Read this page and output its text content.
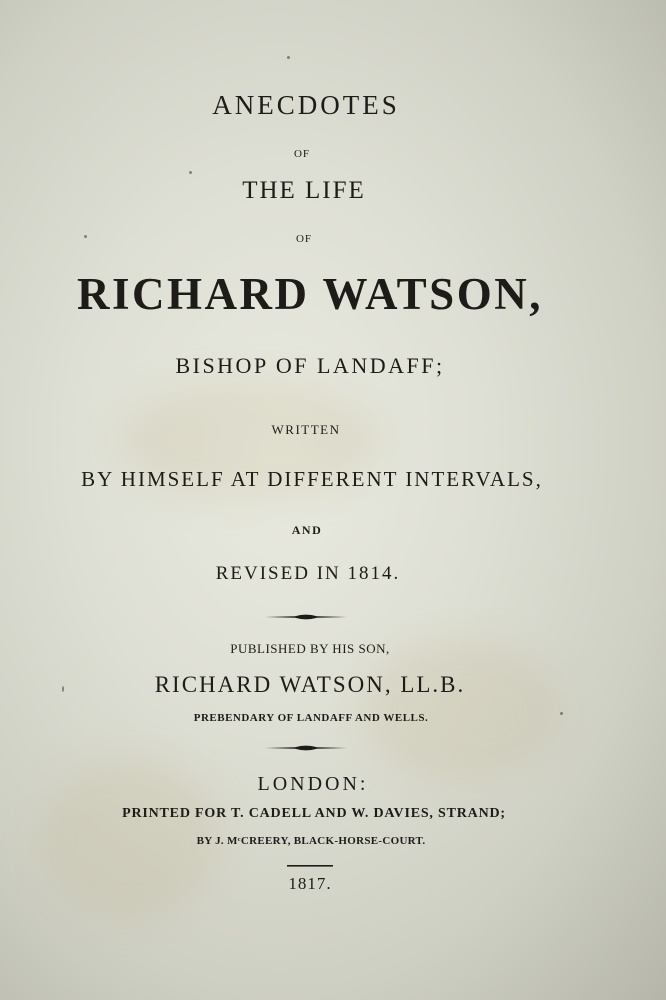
ANECDOTES
OF
THE LIFE
OF
RICHARD WATSON,
BISHOP OF LANDAFF;
WRITTEN
BY HIMSELF AT DIFFERENT INTERVALS,
AND
REVISED IN 1814.
PUBLISHED BY HIS SON,
RICHARD WATSON, LL.B.
PREBENDARY OF LANDAFF AND WELLS.
LONDON:
PRINTED FOR T. CADELL AND W. DAVIES, STRAND;
BY J. MᶜCREERY, BLACK-HORSE-COURT.
1817.
